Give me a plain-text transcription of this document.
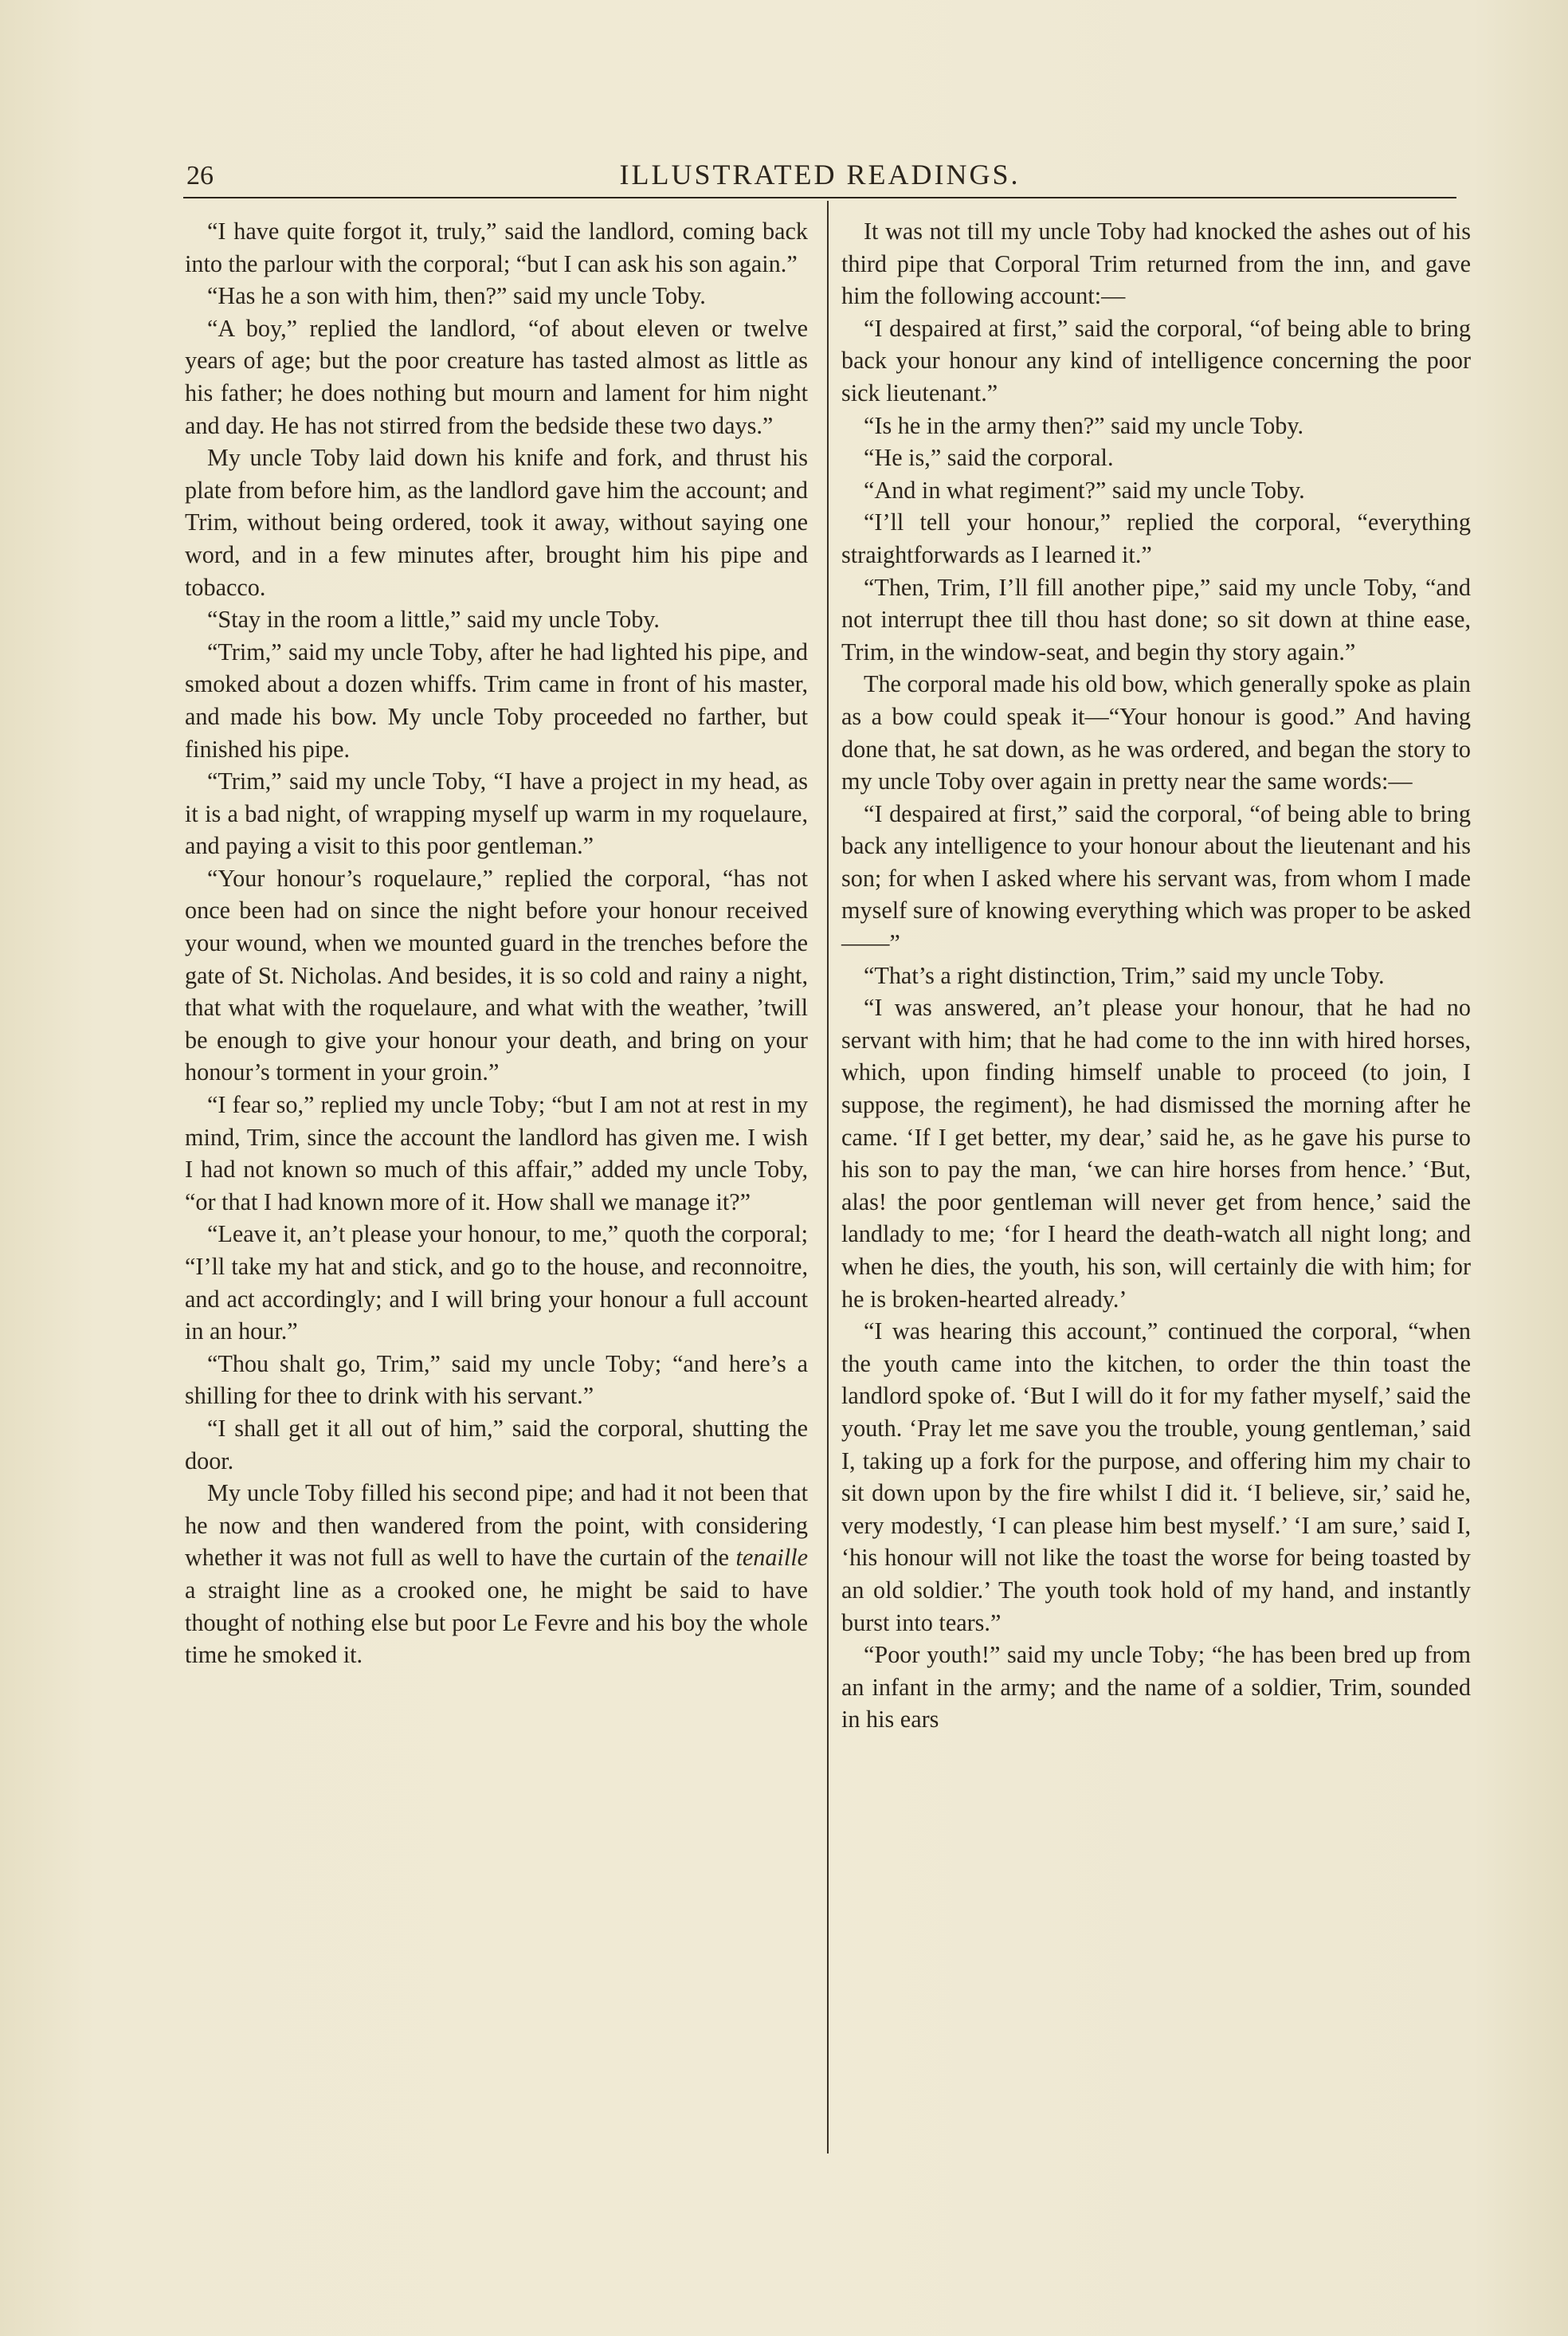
26	ILLUSTRATED READINGS.

“I have quite forgot it, truly,” said the landlord, coming back into the parlour with the corporal; “but I can ask his son again.”

“Has he a son with him, then?” said my uncle Toby.

“A boy,” replied the landlord, “of about eleven or twelve years of age; but the poor creature has tasted almost as little as his father; he does nothing but mourn and lament for him night and day. He has not stirred from the bedside these two days.”

My uncle Toby laid down his knife and fork, and thrust his plate from before him, as the landlord gave him the account; and Trim, without being ordered, took it away, without saying one word, and in a few minutes after, brought him his pipe and tobacco.

“Stay in the room a little,” said my uncle Toby.

“Trim,” said my uncle Toby, after he had lighted his pipe, and smoked about a dozen whiffs. Trim came in front of his master, and made his bow. My uncle Toby proceeded no farther, but finished his pipe.

“Trim,” said my uncle Toby, “I have a project in my head, as it is a bad night, of wrapping myself up warm in my roquelaure, and paying a visit to this poor gentleman.”

“Your honour’s roquelaure,” replied the corporal, “has not once been had on since the night before your honour received your wound, when we mounted guard in the trenches before the gate of St. Nicholas. And besides, it is so cold and rainy a night, that what with the roquelaure, and what with the weather, ’twill be enough to give your honour your death, and bring on your honour’s torment in your groin.”

“I fear so,” replied my uncle Toby; “but I am not at rest in my mind, Trim, since the account the landlord has given me. I wish I had not known so much of this affair,” added my uncle Toby, “or that I had known more of it. How shall we manage it?”

“Leave it, an’t please your honour, to me,” quoth the corporal; “I’ll take my hat and stick, and go to the house, and reconnoitre, and act accordingly; and I will bring your honour a full account in an hour.”

“Thou shalt go, Trim,” said my uncle Toby; “and here’s a shilling for thee to drink with his servant.”

“I shall get it all out of him,” said the corporal, shutting the door.

My uncle Toby filled his second pipe; and had it not been that he now and then wandered from the point, with considering whether it was not full as well to have the curtain of the tenaille a straight line as a crooked one, he might be said to have thought of nothing else but poor Le Fevre and his boy the whole time he smoked it.

It was not till my uncle Toby had knocked the ashes out of his third pipe that Corporal Trim returned from the inn, and gave him the following account:—

“I despaired at first,” said the corporal, “of being able to bring back your honour any kind of intelligence concerning the poor sick lieutenant.”

“Is he in the army then?” said my uncle Toby.

“He is,” said the corporal.

“And in what regiment?” said my uncle Toby.

“I’ll tell your honour,” replied the corporal, “everything straightforwards as I learned it.”

“Then, Trim, I’ll fill another pipe,” said my uncle Toby, “and not interrupt thee till thou hast done; so sit down at thine ease, Trim, in the window-seat, and begin thy story again.”

The corporal made his old bow, which generally spoke as plain as a bow could speak it—“Your honour is good.” And having done that, he sat down, as he was ordered, and began the story to my uncle Toby over again in pretty near the same words:—

“I despaired at first,” said the corporal, “of being able to bring back any intelligence to your honour about the lieutenant and his son; for when I asked where his servant was, from whom I made myself sure of knowing everything which was proper to be asked——”

“That’s a right distinction, Trim,” said my uncle Toby.

“I was answered, an’t please your honour, that he had no servant with him; that he had come to the inn with hired horses, which, upon finding himself unable to proceed (to join, I suppose, the regiment), he had dismissed the morning after he came. ‘If I get better, my dear,’ said he, as he gave his purse to his son to pay the man, ‘we can hire horses from hence.’ ‘But, alas! the poor gentleman will never get from hence,’ said the landlady to me; ‘for I heard the death-watch all night long; and when he dies, the youth, his son, will certainly die with him; for he is broken-hearted already.’

“I was hearing this account,” continued the corporal, “when the youth came into the kitchen, to order the thin toast the landlord spoke of. ‘But I will do it for my father myself,’ said the youth. ‘Pray let me save you the trouble, young gentleman,’ said I, taking up a fork for the purpose, and offering him my chair to sit down upon by the fire whilst I did it. ‘I believe, sir,’ said he, very modestly, ‘I can please him best myself.’ ‘I am sure,’ said I, ‘his honour will not like the toast the worse for being toasted by an old soldier.’ The youth took hold of my hand, and instantly burst into tears.”

“Poor youth!” said my uncle Toby; “he has been bred up from an infant in the army; and the name of a soldier, Trim, sounded in his ears
